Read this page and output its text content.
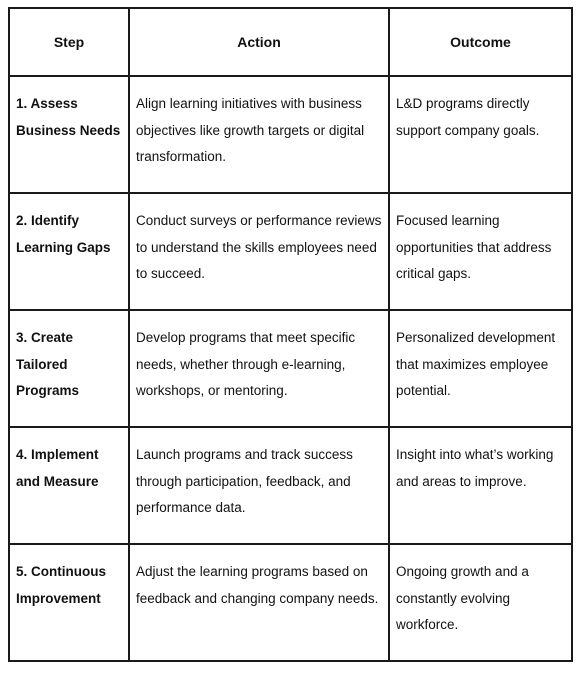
Step	Action	Outcome
1. Assess Business Needs	Align learning initiatives with business objectives like growth targets or digital transformation.	L&D programs directly support company goals.
2. Identify Learning Gaps	Conduct surveys or performance reviews to understand the skills employees need to succeed.	Focused learning opportunities that address critical gaps.
3. Create Tailored Programs	Develop programs that meet specific needs, whether through e-learning, workshops, or mentoring.	Personalized development that maximizes employee potential.
4. Implement and Measure	Launch programs and track success through participation, feedback, and performance data.	Insight into what’s working and areas to improve.
5. Continuous Improvement	Adjust the learning programs based on feedback and changing company needs.	Ongoing growth and a constantly evolving workforce.
